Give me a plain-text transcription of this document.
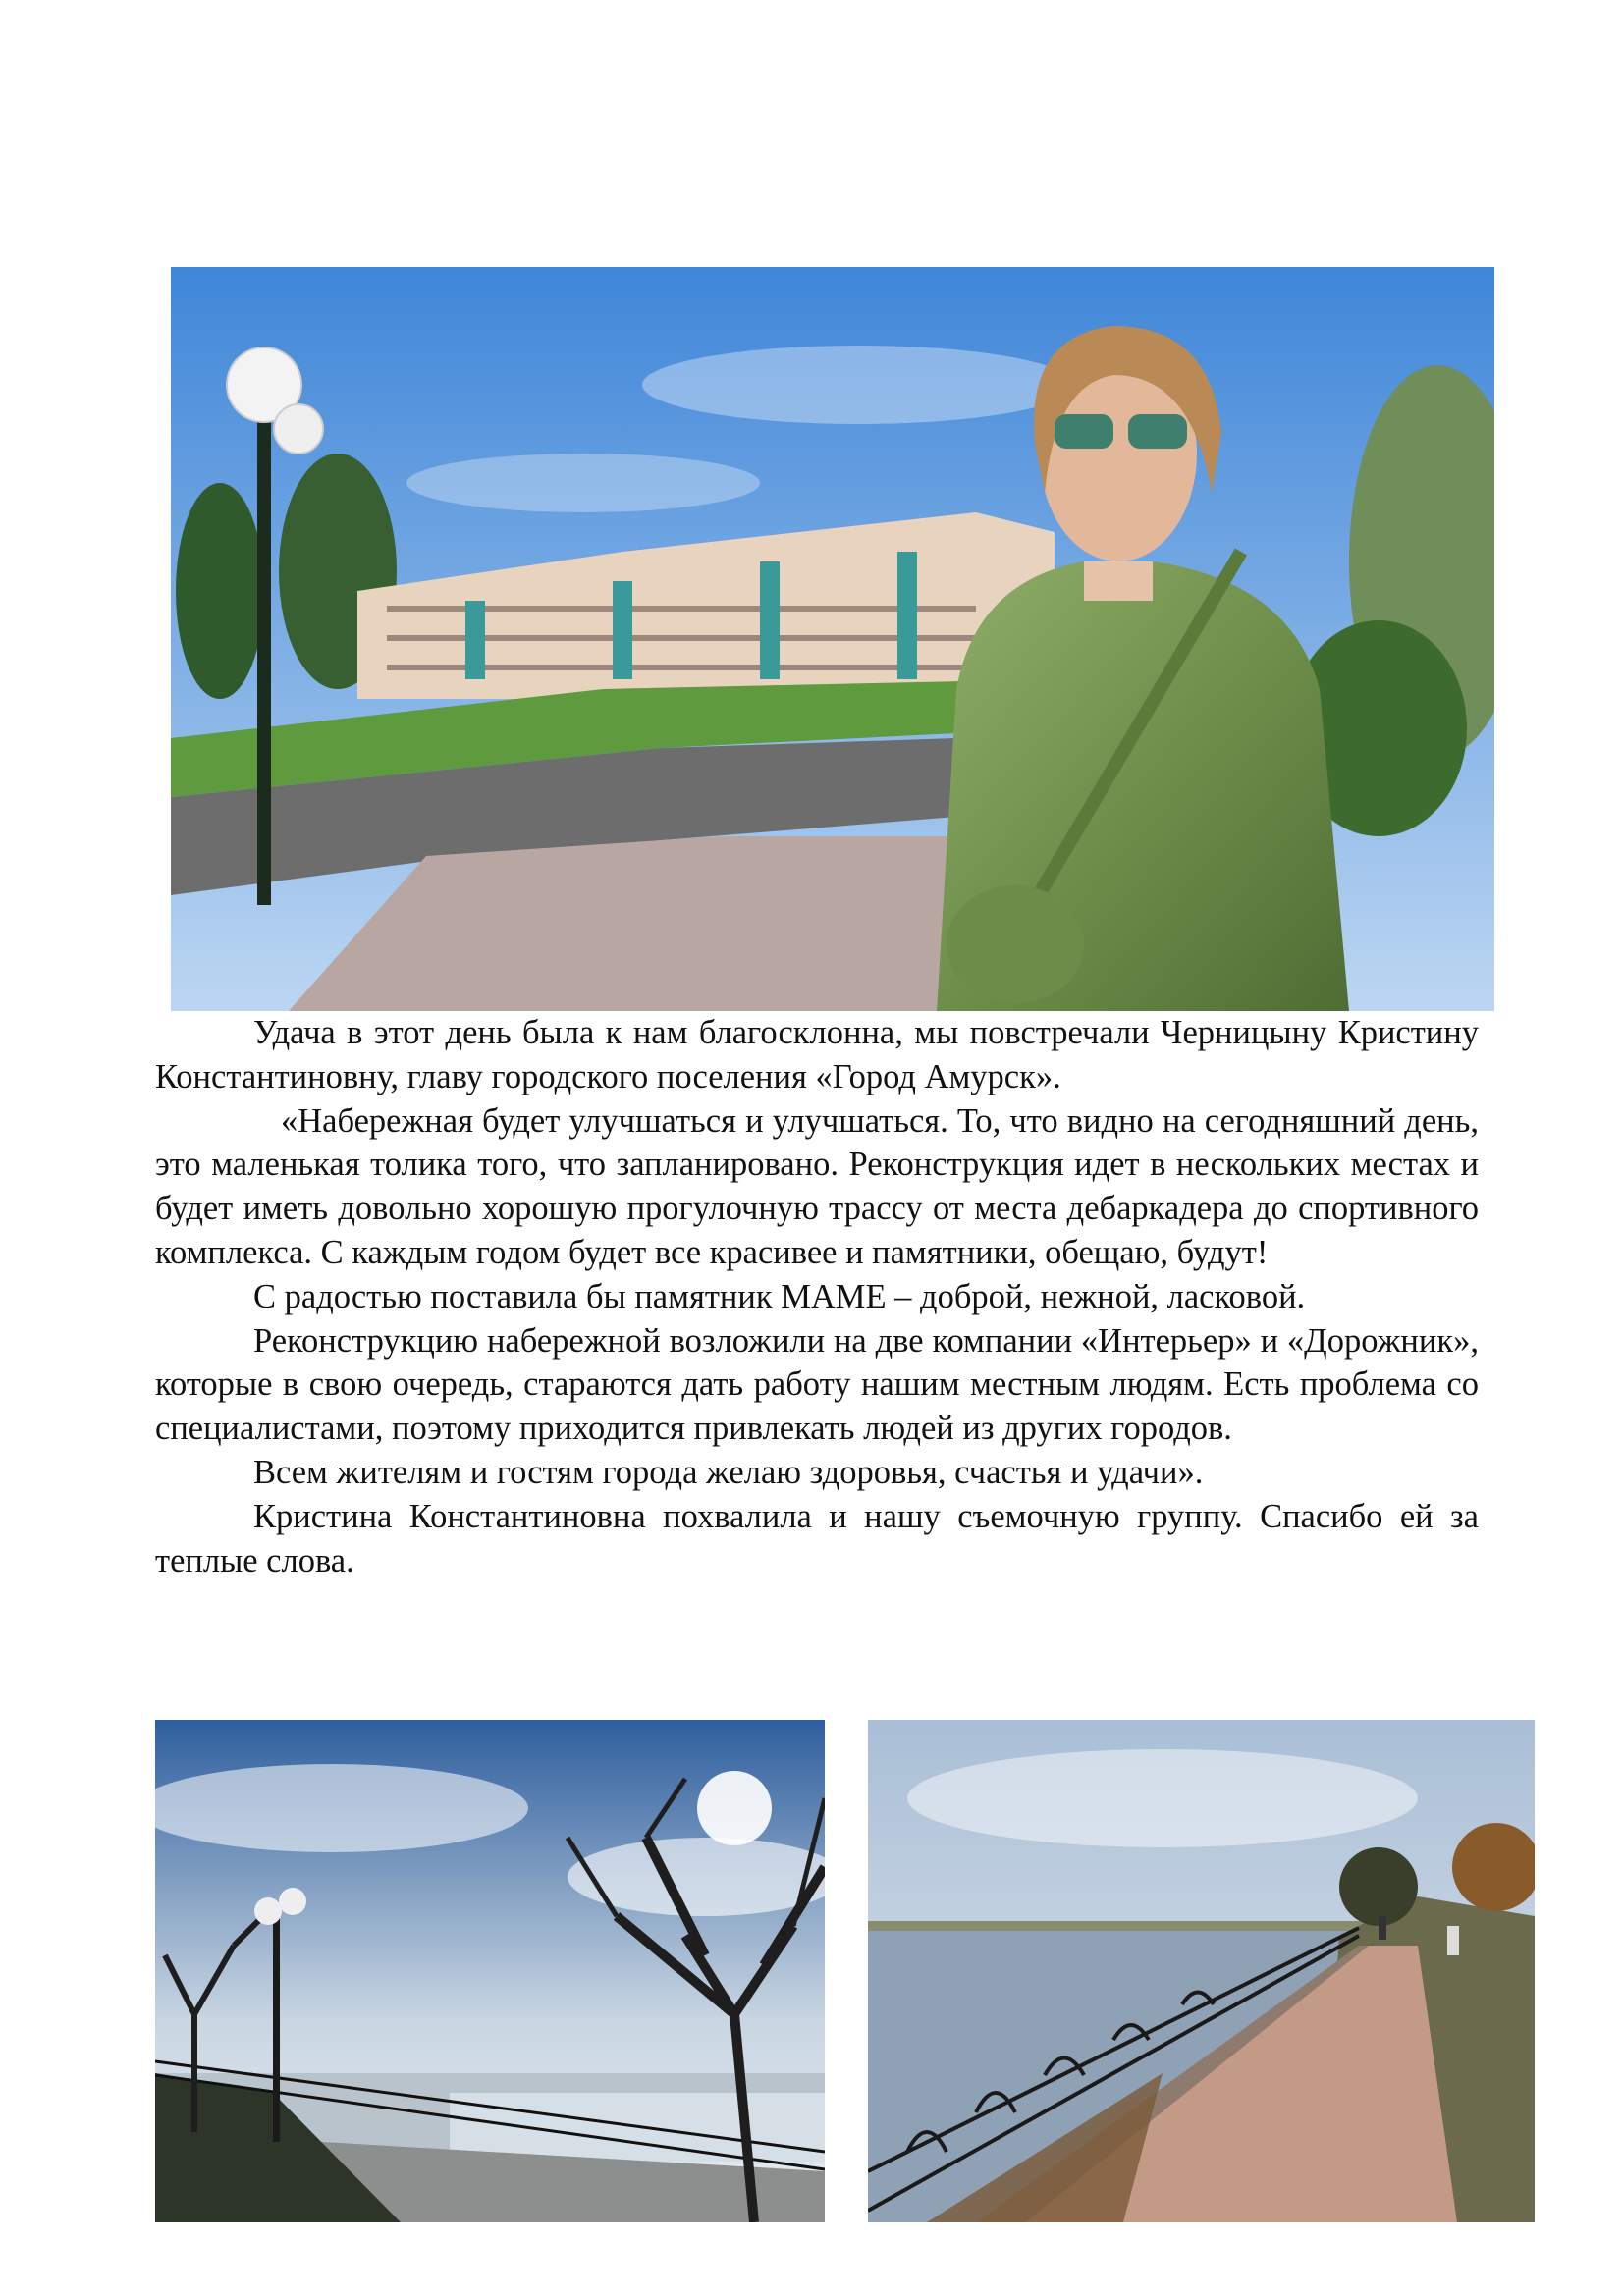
Удача в этот день была к нам благосклонна, мы повстречали Черницыну Кристину Константиновну, главу городского поселения «Город Амурск».

«Набережная будет улучшаться и улучшаться. То, что видно на сегодняшний день, это маленькая толика того, что запланировано. Реконструкция идет в нескольких местах и будет иметь довольно хорошую прогулочную трассу от места дебаркадера до спортивного комплекса. С каждым годом будет все красивее и памятники, обещаю, будут!

С радостью поставила бы памятник МАМЕ – доброй, нежной, ласковой.

Реконструкцию набережной возложили на две компании «Интерьер» и «Дорожник», которые в свою очередь, стараются дать работу нашим местным людям. Есть проблема со специалистами, поэтому приходится привлекать людей из других городов.

Всем жителям и гостям города желаю здоровья, счастья и удачи».

Кристина Константиновна похвалила и нашу съемочную группу. Спасибо ей за теплые слова.
